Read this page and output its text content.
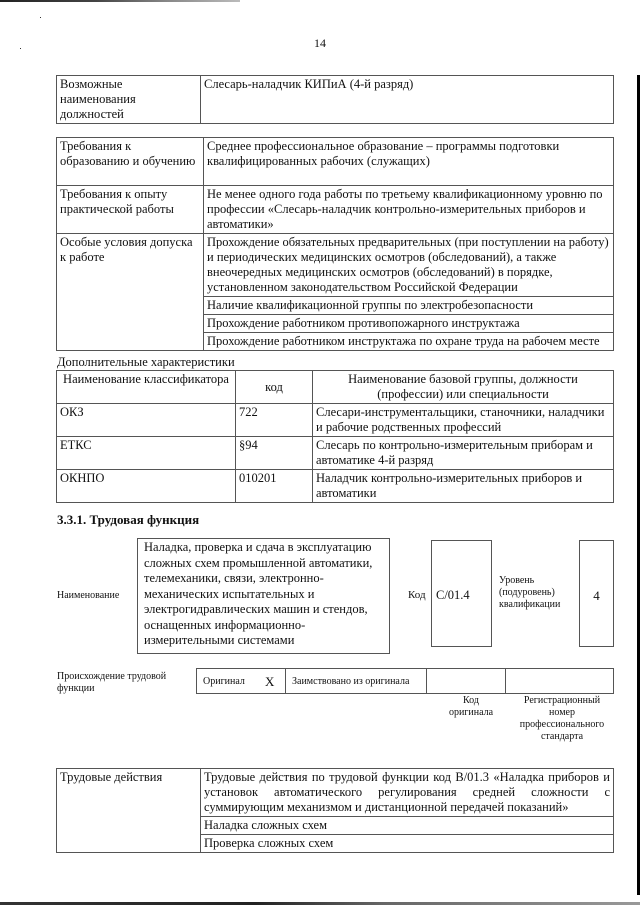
14
Возможные наименования должностей	Слесарь-наладчик КИПиА (4-й разряд)
Требования к образованию и обучению	Среднее профессиональное образование – программы подготовки квалифицированных рабочих (служащих)
Требования к опыту практической работы	Не менее одного года работы по третьему квалификационному уровню по профессии «Слесарь-наладчик контрольно-измерительных приборов и автоматики»
Особые условия допуска к работе	Прохождение обязательных предварительных (при поступлении на работу) и периодических медицинских осмотров (обследований), а также внеочередных медицинских осмотров (обследований) в порядке, установленном законодательством Российской Федерации
	Наличие квалификационной группы по электробезопасности
	Прохождение работником противопожарного инструктажа
	Прохождение работником инструктажа по охране труда на рабочем месте
Дополнительные характеристики
Наименование классификатора	код	Наименование базовой группы, должности (профессии) или специальности
ОКЗ	722	Слесари-инструментальщики, станочники, наладчики и рабочие родственных профессий
ЕТКС	§94	Слесарь по контрольно-измерительным приборам и автоматике 4-й разряд
ОКНПО	010201	Наладчик контрольно-измерительных приборов и автоматики
3.3.1. Трудовая функция
Наименование
Наладка, проверка и сдача в эксплуатацию сложных схем промышленной автоматики, телемеханики, связи, электронно-механических испытательных и электрогидравлических машин и стендов, оснащенных информационно-измерительными системами
Код C/01.4
Уровень (подуровень) квалификации
4
Происхождение трудовой функции
Оригинал	X	Заимствовано из оригинала		
Код оригинала
Регистрационный номер профессионального стандарта
Трудовые действия	Трудовые действия по трудовой функции код B/01.3 «Наладка приборов и установок автоматического регулирования средней сложности с суммирующим механизмом и дистанционной передачей показаний»
Наладка сложных схем
Проверка сложных схем
